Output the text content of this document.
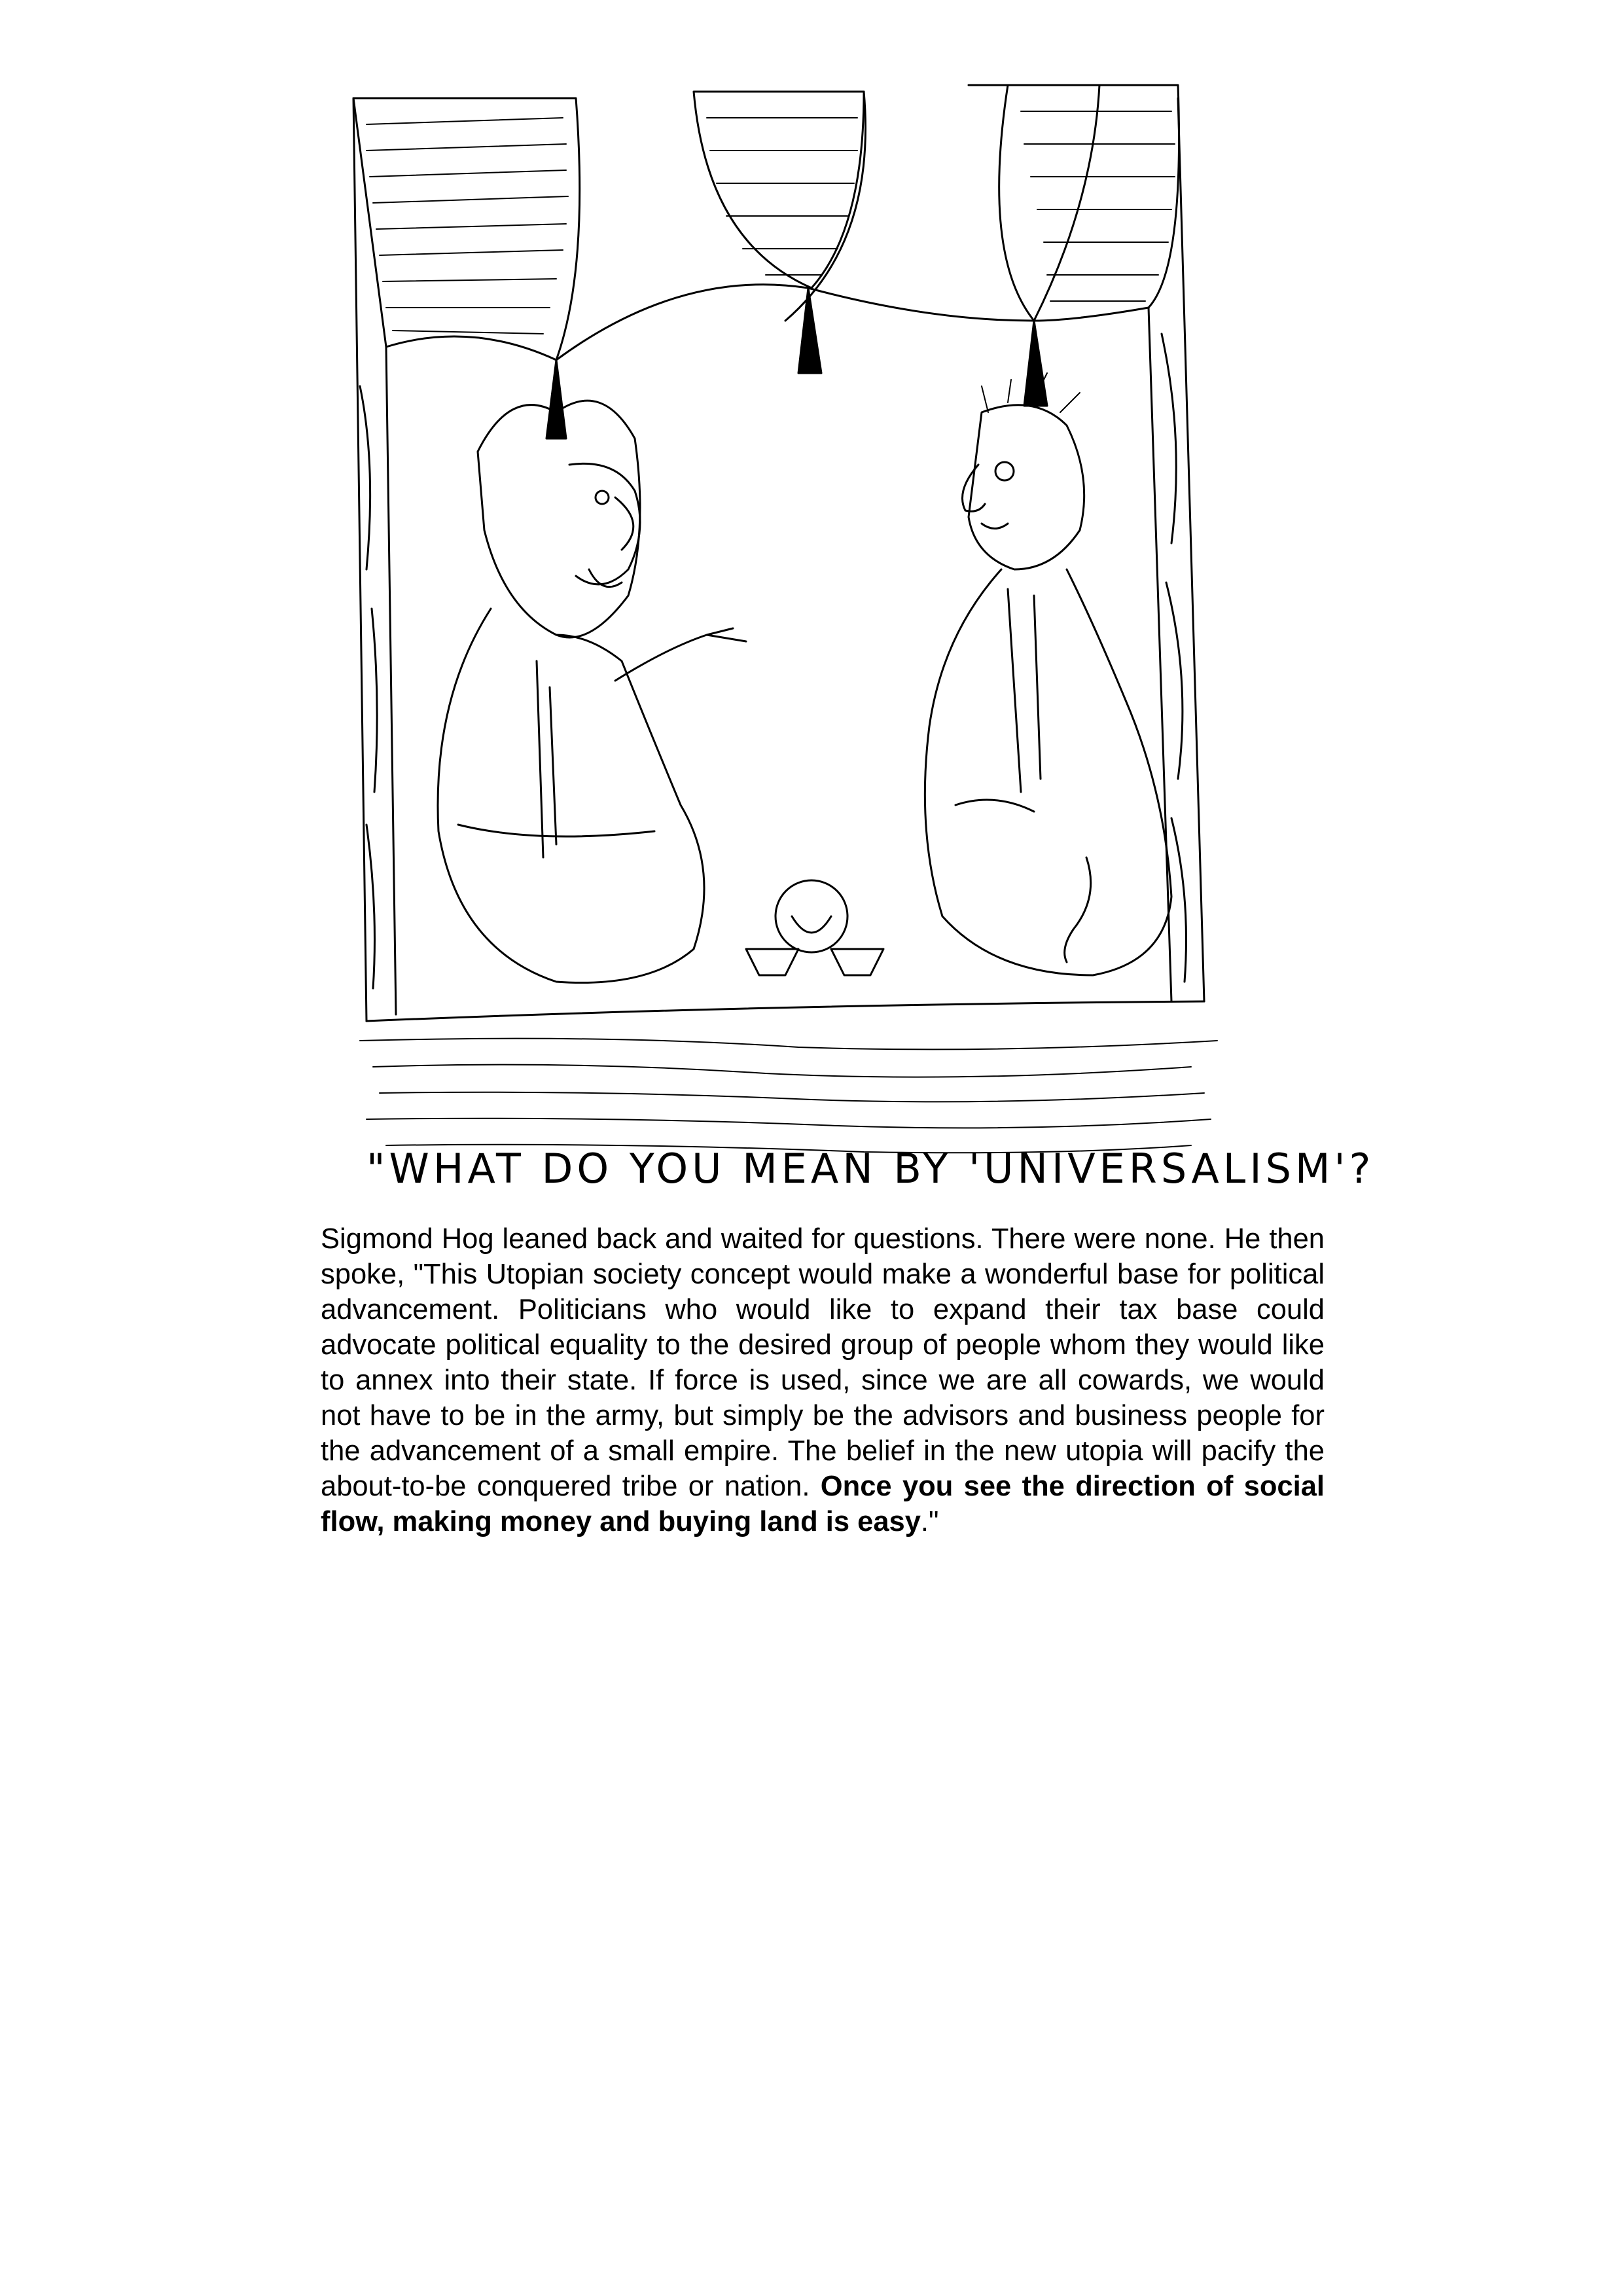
"WHAT DO YOU MEAN BY 'UNIVERSALISM'?

Sigmond Hog leaned back and waited for questions. There were none. He then spoke, "This Utopian society concept would make a wonderful base for political advancement. Politicians who would like to expand their tax base could advocate political equality to the desired group of people whom they would like to annex into their state. If force is used, since we are all cowards, we would not have to be in the army, but simply be the advisors and business people for the advancement of a small empire. The belief in the new utopia will pacify the about-to-be conquered tribe or nation. Once you see the direction of social flow, making money and buying land is easy."
